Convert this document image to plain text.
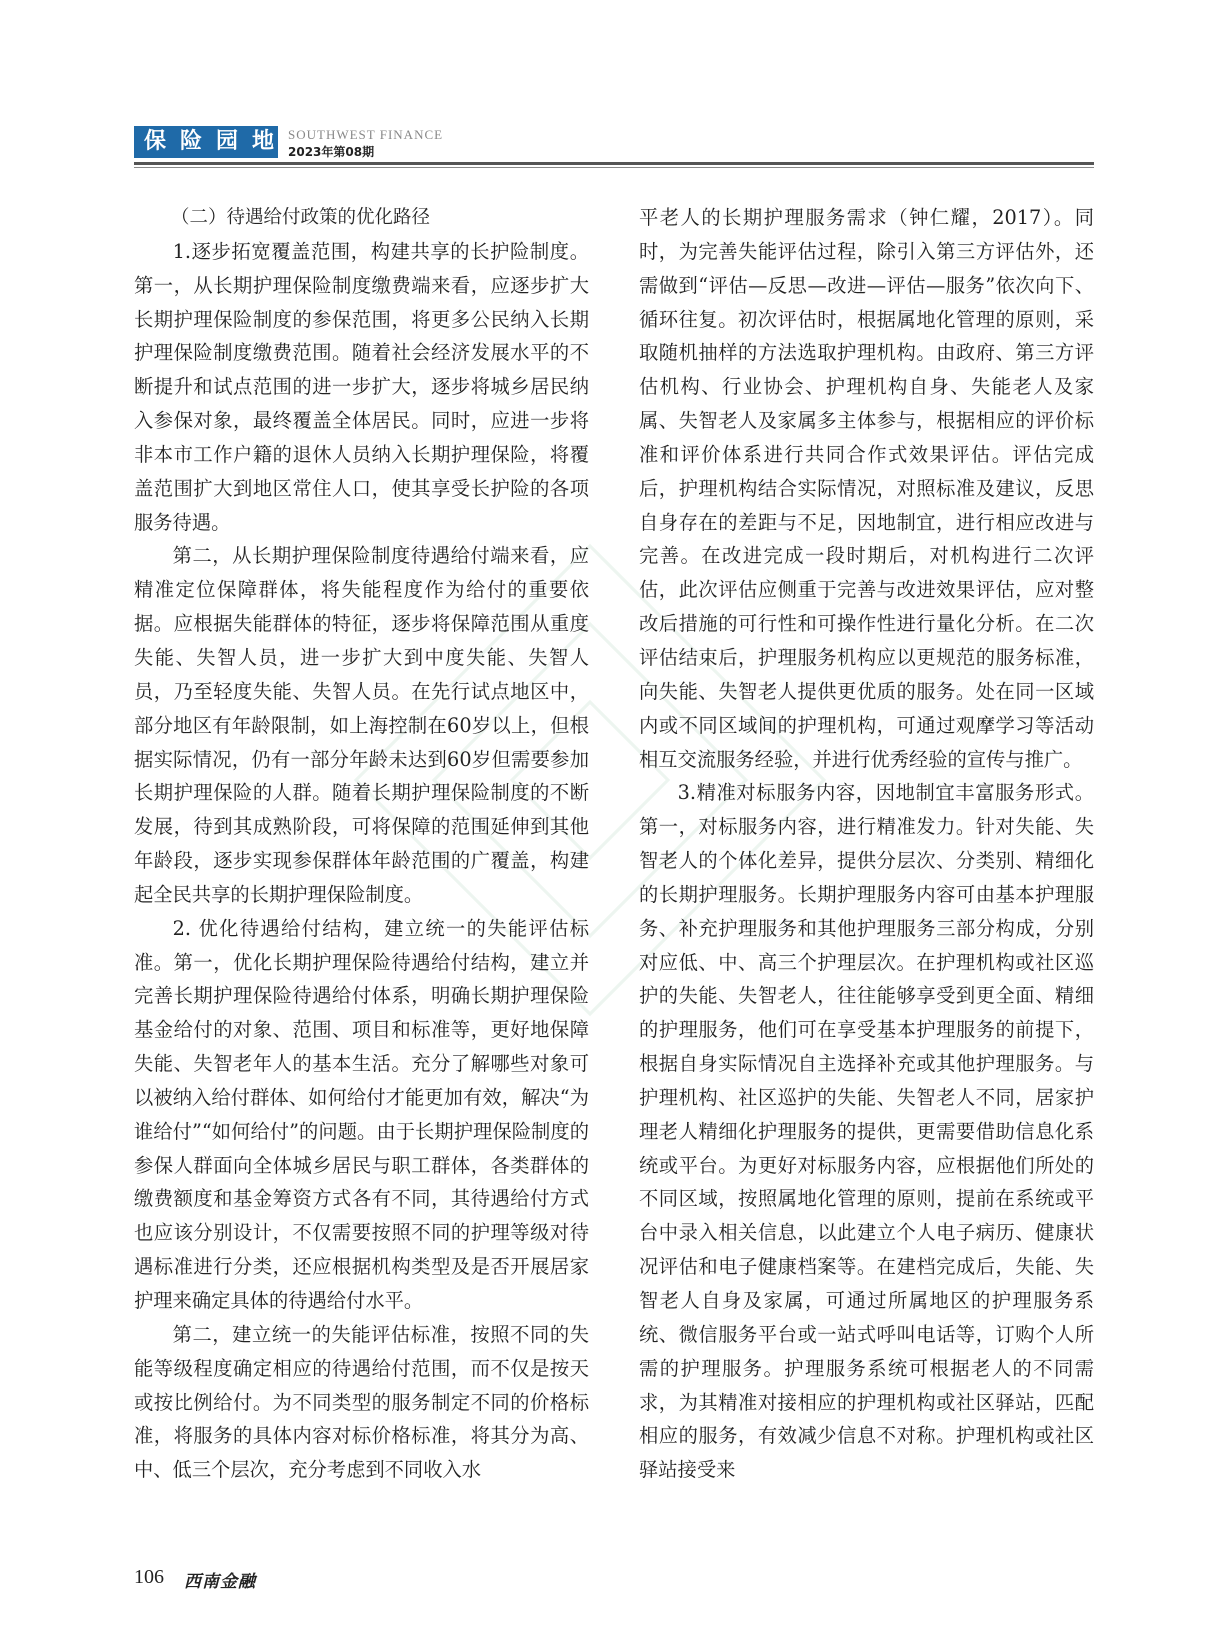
保险园地 SOUTHWEST FINANCE
2023年第08期

（二）待遇给付政策的优化路径

1.逐步拓宽覆盖范围，构建共享的长护险制度。第一，从长期护理保险制度缴费端来看，应逐步扩大长期护理保险制度的参保范围，将更多公民纳入长期护理保险制度缴费范围。随着社会经济发展水平的不断提升和试点范围的进一步扩大，逐步将城乡居民纳入参保对象，最终覆盖全体居民。同时，应进一步将非本市工作户籍的退休人员纳入长期护理保险，将覆盖范围扩大到地区常住人口，使其享受长护险的各项服务待遇。

第二，从长期护理保险制度待遇给付端来看，应精准定位保障群体，将失能程度作为给付的重要依据。应根据失能群体的特征，逐步将保障范围从重度失能、失智人员，进一步扩大到中度失能、失智人员，乃至轻度失能、失智人员。在先行试点地区中，部分地区有年龄限制，如上海控制在60岁以上，但根据实际情况，仍有一部分年龄未达到60岁但需要参加长期护理保险的人群。随着长期护理保险制度的不断发展，待到其成熟阶段，可将保障的范围延伸到其他年龄段，逐步实现参保群体年龄范围的广覆盖，构建起全民共享的长期护理保险制度。

2. 优化待遇给付结构，建立统一的失能评估标准。第一，优化长期护理保险待遇给付结构，建立并完善长期护理保险待遇给付体系，明确长期护理保险基金给付的对象、范围、项目和标准等，更好地保障失能、失智老年人的基本生活。充分了解哪些对象可以被纳入给付群体、如何给付才能更加有效，解决“为谁给付”“如何给付”的问题。由于长期护理保险制度的参保人群面向全体城乡居民与职工群体，各类群体的缴费额度和基金筹资方式各有不同，其待遇给付方式也应该分别设计，不仅需要按照不同的护理等级对待遇标准进行分类，还应根据机构类型及是否开展居家护理来确定具体的待遇给付水平。

第二，建立统一的失能评估标准，按照不同的失能等级程度确定相应的待遇给付范围，而不仅是按天或按比例给付。为不同类型的服务制定不同的价格标准，将服务的具体内容对标价格标准，将其分为高、中、低三个层次，充分考虑到不同收入水

平老人的长期护理服务需求（钟仁耀，2017）。同时，为完善失能评估过程，除引入第三方评估外，还需做到“评估—反思—改进—评估—服务”依次向下、循环往复。初次评估时，根据属地化管理的原则，采取随机抽样的方法选取护理机构。由政府、第三方评估机构、行业协会、护理机构自身、失能老人及家属、失智老人及家属多主体参与，根据相应的评价标准和评价体系进行共同合作式效果评估。评估完成后，护理机构结合实际情况，对照标准及建议，反思自身存在的差距与不足，因地制宜，进行相应改进与完善。在改进完成一段时期后，对机构进行二次评估，此次评估应侧重于完善与改进效果评估，应对整改后措施的可行性和可操作性进行量化分析。在二次评估结束后，护理服务机构应以更规范的服务标准，向失能、失智老人提供更优质的服务。处在同一区域内或不同区域间的护理机构，可通过观摩学习等活动相互交流服务经验，并进行优秀经验的宣传与推广。

3.精准对标服务内容，因地制宜丰富服务形式。第一，对标服务内容，进行精准发力。针对失能、失智老人的个体化差异，提供分层次、分类别、精细化的长期护理服务。长期护理服务内容可由基本护理服务、补充护理服务和其他护理服务三部分构成，分别对应低、中、高三个护理层次。在护理机构或社区巡护的失能、失智老人，往往能够享受到更全面、精细的护理服务，他们可在享受基本护理服务的前提下，根据自身实际情况自主选择补充或其他护理服务。与护理机构、社区巡护的失能、失智老人不同，居家护理老人精细化护理服务的提供，更需要借助信息化系统或平台。为更好对标服务内容，应根据他们所处的不同区域，按照属地化管理的原则，提前在系统或平台中录入相关信息，以此建立个人电子病历、健康状况评估和电子健康档案等。在建档完成后，失能、失智老人自身及家属，可通过所属地区的护理服务系统、微信服务平台或一站式呼叫电话等，订购个人所需的护理服务。护理服务系统可根据老人的不同需求，为其精准对接相应的护理机构或社区驿站，匹配相应的服务，有效减少信息不对称。护理机构或社区驿站接受来

106 西南金融
